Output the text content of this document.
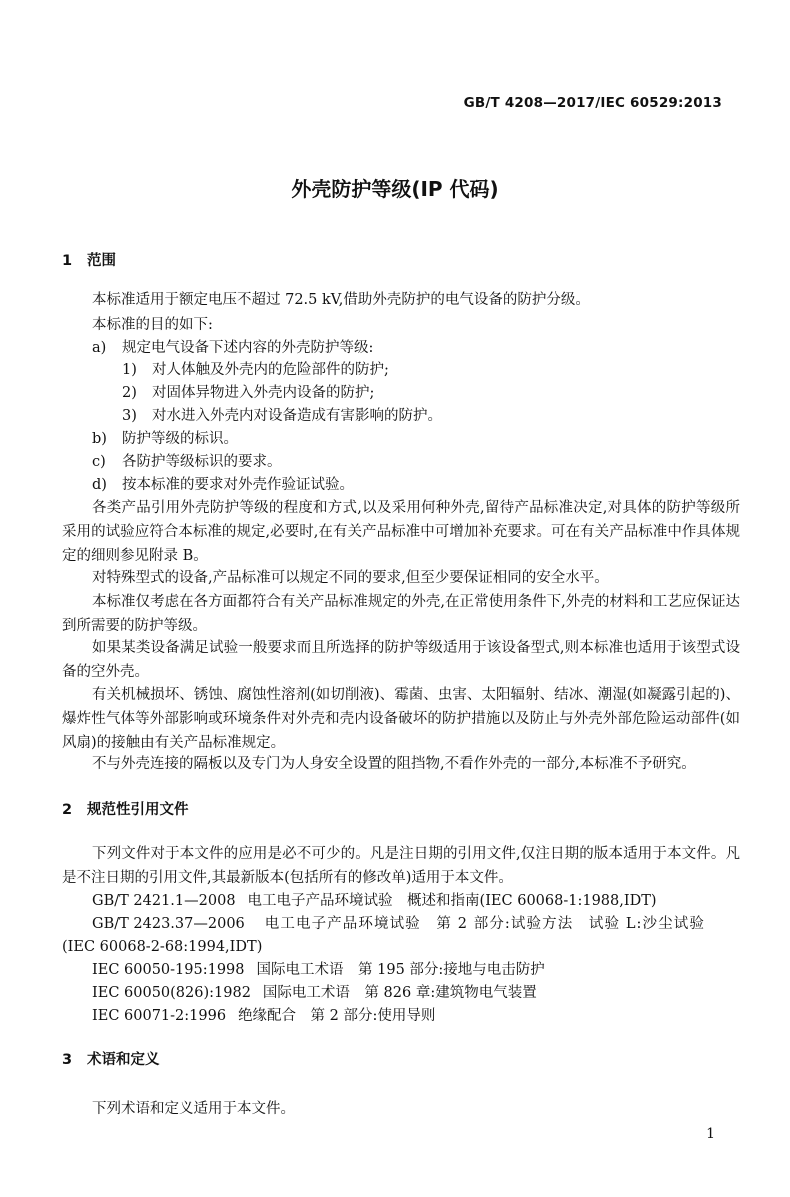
GB/T 4208—2017/IEC 60529:2013
外壳防护等级(IP 代码)
1 范围
本标准适用于额定电压不超过 72.5 kV,借助外壳防护的电气设备的防护分级。
本标准的目的如下:
a) 规定电气设备下述内容的外壳防护等级:
1) 对人体触及外壳内的危险部件的防护;
2) 对固体异物进入外壳内设备的防护;
3) 对水进入外壳内对设备造成有害影响的防护。
b) 防护等级的标识。
c) 各防护等级标识的要求。
d) 按本标准的要求对外壳作验证试验。
各类产品引用外壳防护等级的程度和方式,以及采用何种外壳,留待产品标准决定,对具体的防护等级所采用的试验应符合本标准的规定,必要时,在有关产品标准中可增加补充要求。可在有关产品标准中作具体规定的细则参见附录 B。
对特殊型式的设备,产品标准可以规定不同的要求,但至少要保证相同的安全水平。
本标准仅考虑在各方面都符合有关产品标准规定的外壳,在正常使用条件下,外壳的材料和工艺应保证达到所需要的防护等级。
如果某类设备满足试验一般要求而且所选择的防护等级适用于该设备型式,则本标准也适用于该型式设备的空外壳。
有关机械损坏、锈蚀、腐蚀性溶剂(如切削液)、霉菌、虫害、太阳辐射、结冰、潮湿(如凝露引起的)、爆炸性气体等外部影响或环境条件对外壳和壳内设备破坏的防护措施以及防止与外壳外部危险运动部件(如风扇)的接触由有关产品标准规定。
不与外壳连接的隔板以及专门为人身安全设置的阻挡物,不看作外壳的一部分,本标准不予研究。
2 规范性引用文件
下列文件对于本文件的应用是必不可少的。凡是注日期的引用文件,仅注日期的版本适用于本文件。凡是不注日期的引用文件,其最新版本(包括所有的修改单)适用于本文件。
GB/T 2421.1—2008 电工电子产品环境试验　概述和指南(IEC 60068-1:1988,IDT)
GB/T 2423.37—2006 电工电子产品环境试验　第 2 部分:试验方法　试验 L:沙尘试验
(IEC 60068-2-68:1994,IDT)
IEC 60050-195:1998 国际电工术语　第 195 部分:接地与电击防护
IEC 60050(826):1982 国际电工术语　第 826 章:建筑物电气装置
IEC 60071-2:1996 绝缘配合　第 2 部分:使用导则
3 术语和定义
下列术语和定义适用于本文件。
1
